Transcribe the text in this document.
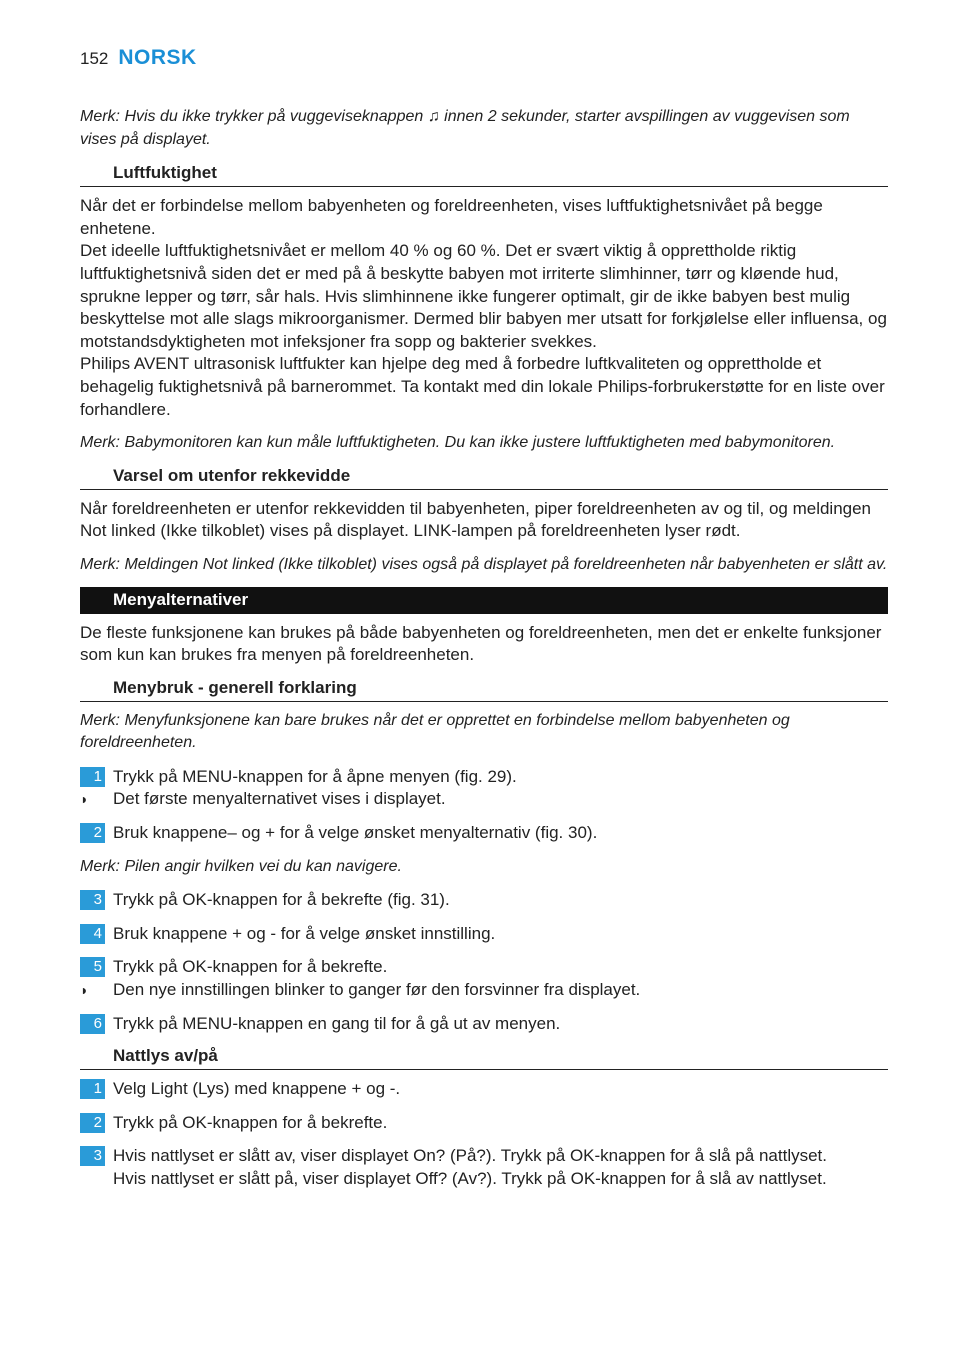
152 NORSK

Merk: Hvis du ikke trykker på vuggeviseknappen ♫ innen 2 sekunder, starter avspillingen av vuggevisen som vises på displayet.

Luftfuktighet

Når det er forbindelse mellom babyenheten og foreldreenheten, vises luftfuktighetsnivået på begge enhetene.

Det ideelle luftfuktighetsnivået er mellom 40 % og 60 %. Det er svært viktig å opprettholde riktig luftfuktighetsnivå siden det er med på å beskytte babyen mot irriterte slimhinner, tørr og kløende hud, sprukne lepper og tørr, sår hals. Hvis slimhinnene ikke fungerer optimalt, gir de ikke babyen best mulig beskyttelse mot alle slags mikroorganismer. Dermed blir babyen mer utsatt for forkjølelse eller influensa, og motstandsdyktigheten mot infeksjoner fra sopp og bakterier svekkes.

Philips AVENT ultrasonisk luftfukter kan hjelpe deg med å forbedre luftkvaliteten og opprettholde et behagelig fuktighetsnivå på barnerommet. Ta kontakt med din lokale Philips-forbrukerstøtte for en liste over forhandlere.

Merk: Babymonitoren kan kun måle luftfuktigheten. Du kan ikke justere luftfuktigheten med babymonitoren.

Varsel om utenfor rekkevidde

Når foreldreenheten er utenfor rekkevidden til babyenheten, piper foreldreenheten av og til, og meldingen Not linked (Ikke tilkoblet) vises på displayet. LINK-lampen på foreldreenheten lyser rødt.

Merk: Meldingen Not linked (Ikke tilkoblet) vises også på displayet på foreldreenheten når babyenheten er slått av.

Menyalternativer

De fleste funksjonene kan brukes på både babyenheten og foreldreenheten, men det er enkelte funksjoner som kun kan brukes fra menyen på foreldreenheten.

Menybruk - generell forklaring

Merk: Menyfunksjonene kan bare brukes når det er opprettet en forbindelse mellom babyenheten og foreldreenheten.

1 Trykk på MENU-knappen for å åpne menyen (fig. 29).
◗	Det første menyalternativet vises i displayet.
2 Bruk knappene– og + for å velge ønsket menyalternativ (fig. 30).

Merk: Pilen angir hvilken vei du kan navigere.

3 Trykk på OK-knappen for å bekrefte (fig. 31).
4 Bruk knappene + og - for å velge ønsket innstilling.
5 Trykk på OK-knappen for å bekrefte.
◗	Den nye innstillingen blinker to ganger før den forsvinner fra displayet.
6 Trykk på MENU-knappen en gang til for å gå ut av menyen.
Nattlys av/på
1 Velg Light (Lys) med knappene + og -.
2 Trykk på OK-knappen for å bekrefte.
3 Hvis nattlyset er slått av, viser displayet On? (På?). Trykk på OK-knappen for å slå på nattlyset.
Hvis nattlyset er slått på, viser displayet Off? (Av?). Trykk på OK-knappen for å slå av nattlyset.
